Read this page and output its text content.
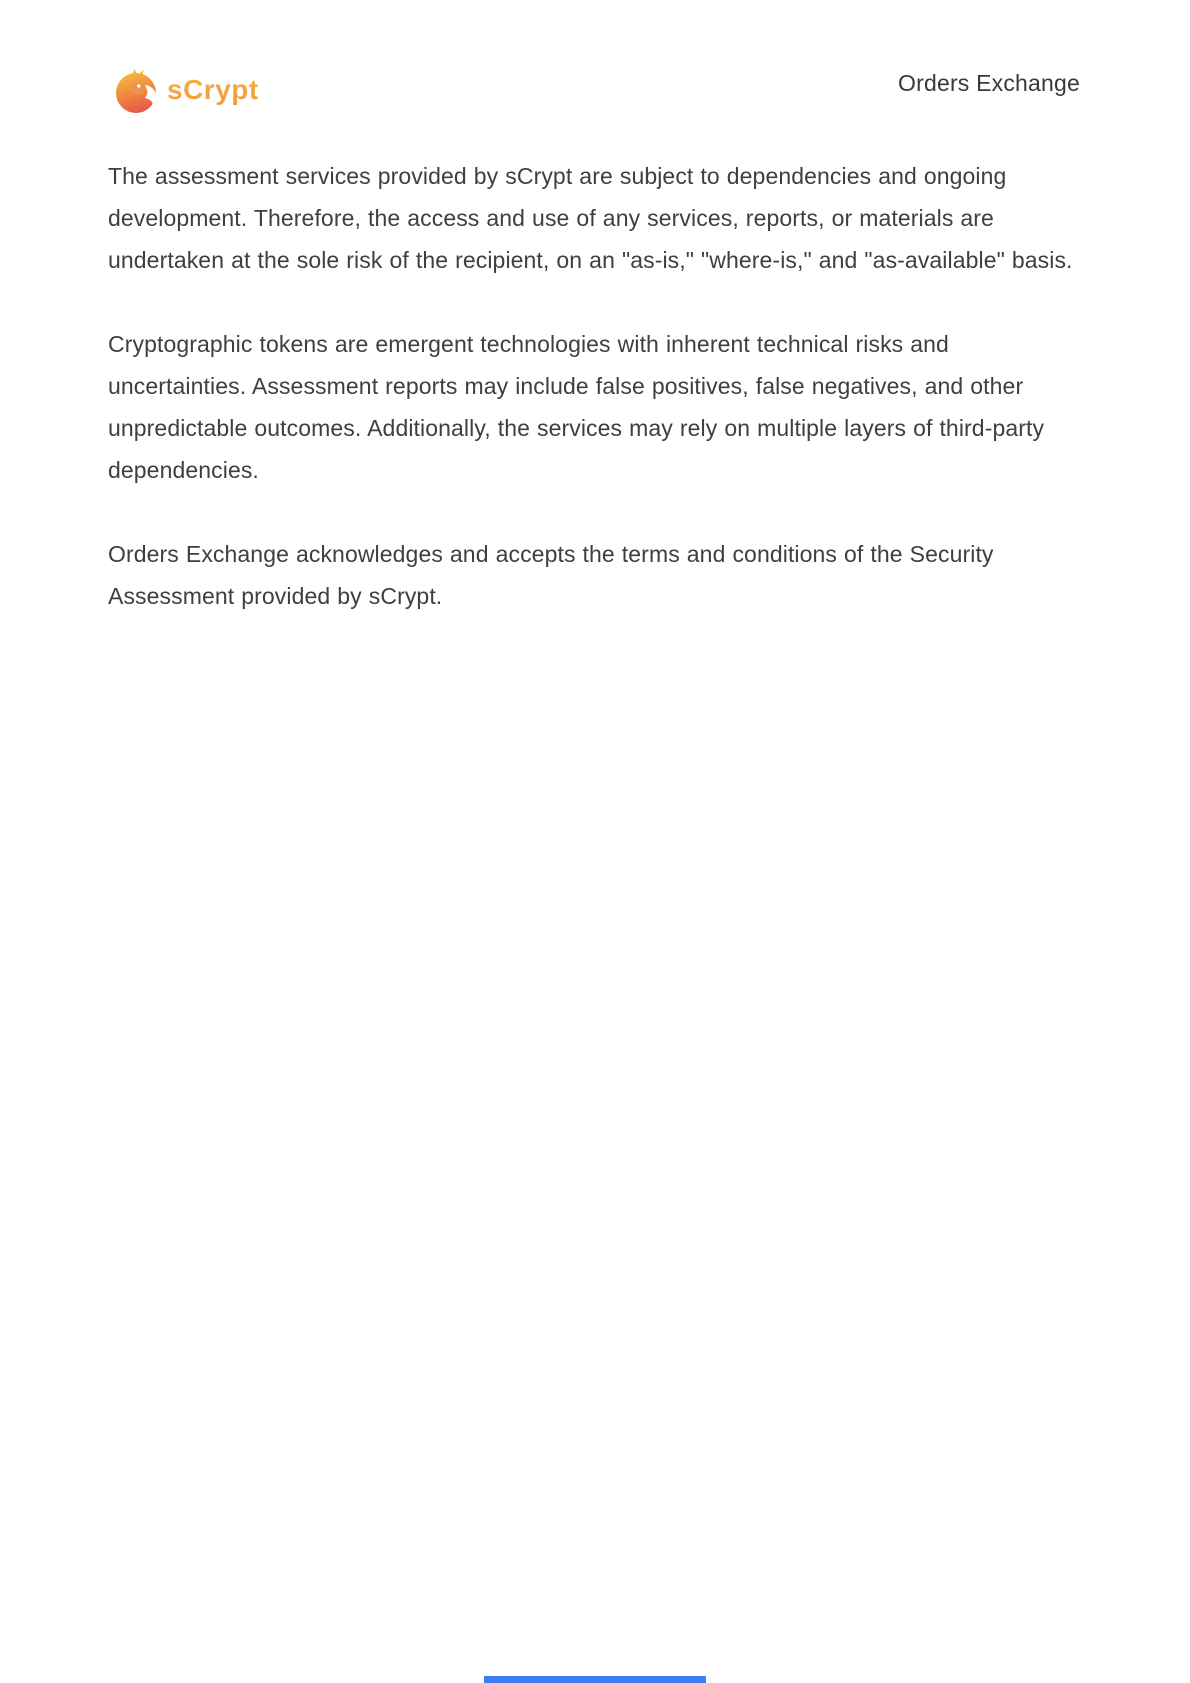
sCrypt	Orders Exchange

The assessment services provided by sCrypt are subject to dependencies and ongoing development. Therefore, the access and use of any services, reports, or materials are undertaken at the sole risk of the recipient, on an "as-is," "where-is," and "as-available" basis.

Cryptographic tokens are emergent technologies with inherent technical risks and uncertainties. Assessment reports may include false positives, false negatives, and other unpredictable outcomes. Additionally, the services may rely on multiple layers of third-party dependencies.

Orders Exchange acknowledges and accepts the terms and conditions of the Security Assessment provided by sCrypt.
